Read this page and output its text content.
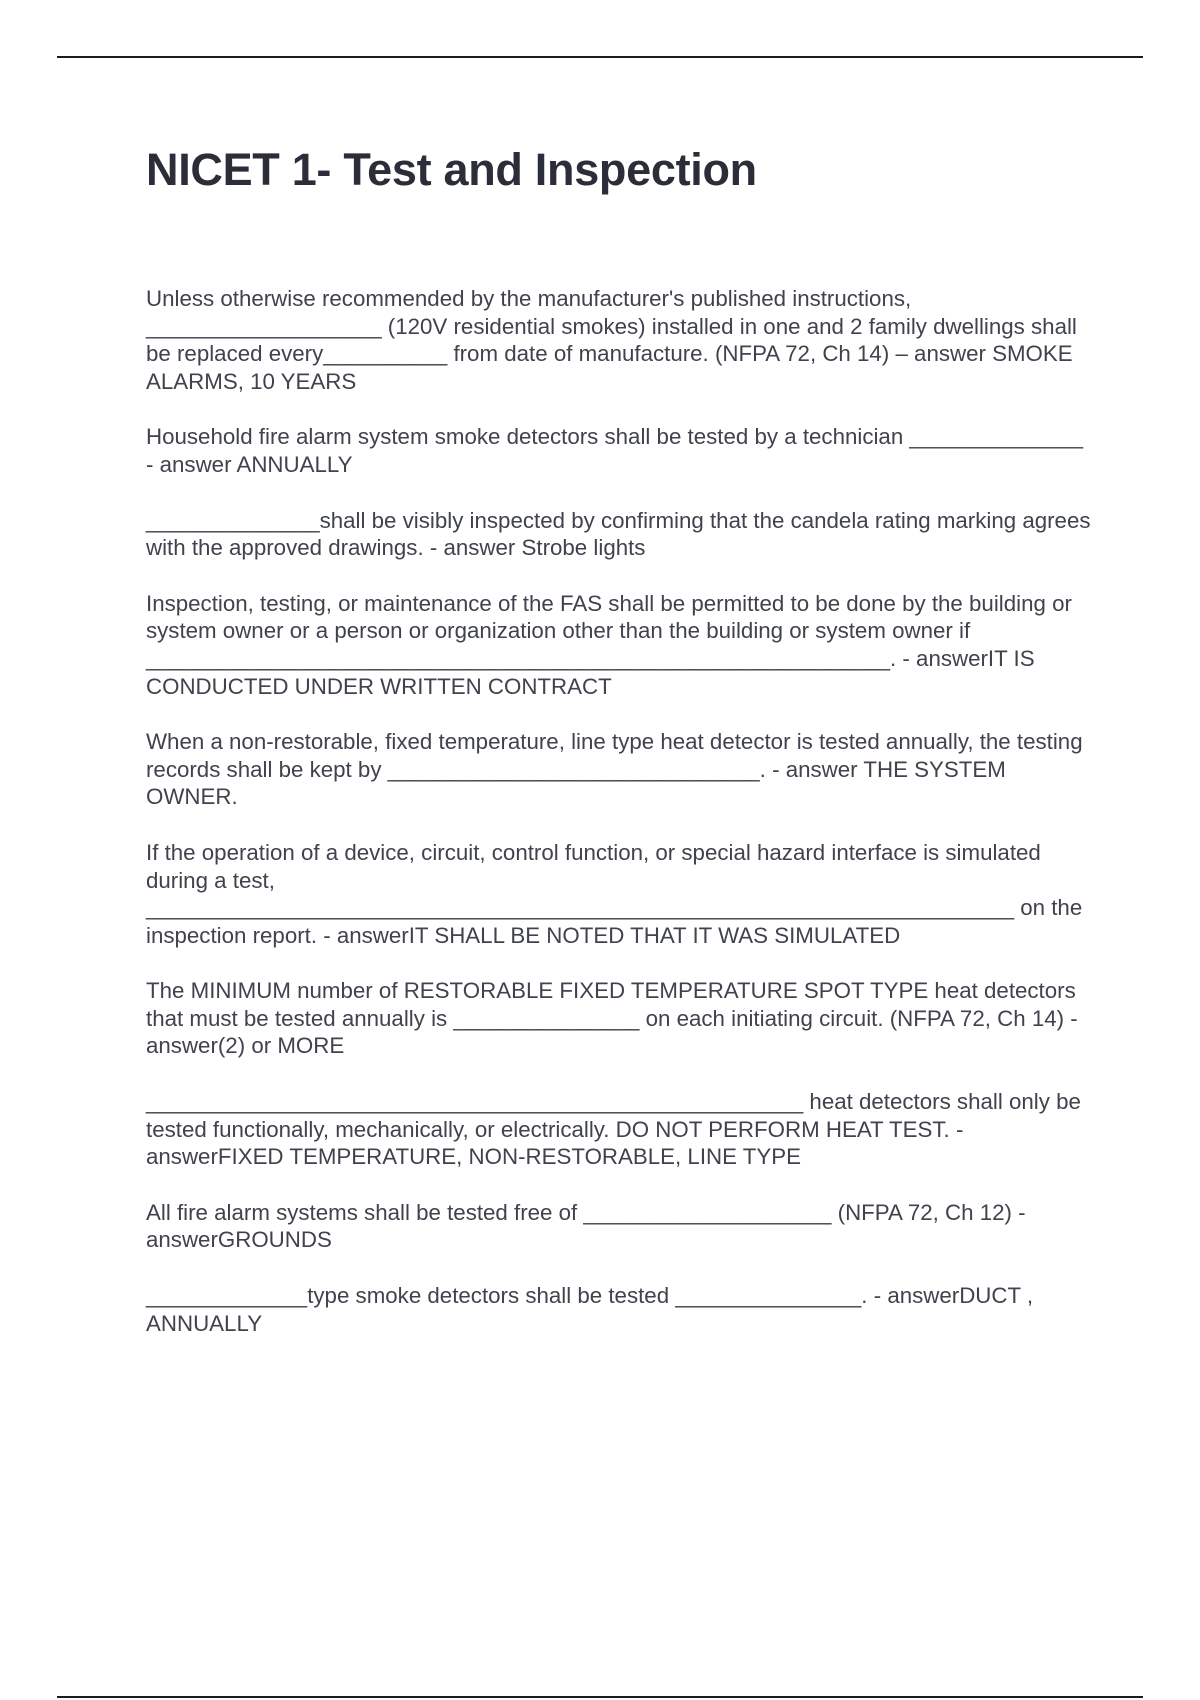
NICET 1- Test and Inspection

Unless otherwise recommended by the manufacturer's published instructions, ___________________ (120V residential smokes) installed in one and 2 family dwellings shall be replaced every__________ from date of manufacture. (NFPA 72, Ch 14) – answer SMOKE ALARMS, 10 YEARS

Household fire alarm system smoke detectors shall be tested by a technician ______________ - answer ANNUALLY

______________shall be visibly inspected by confirming that the candela rating marking agrees with the approved drawings. - answer Strobe lights

Inspection, testing, or maintenance of the FAS shall be permitted to be done by the building or system owner or a person or organization other than the building or system owner if ____________________________________________________________. - answerIT IS CONDUCTED UNDER WRITTEN CONTRACT

When a non-restorable, fixed temperature, line type heat detector is tested annually, the testing records shall be kept by ______________________________. - answer THE SYSTEM OWNER.

If the operation of a device, circuit, control function, or special hazard interface is simulated during a test, ______________________________________________________________________ on the inspection report. - answerIT SHALL BE NOTED THAT IT WAS SIMULATED

The MINIMUM number of RESTORABLE FIXED TEMPERATURE SPOT TYPE heat detectors that must be tested annually is _______________ on each initiating circuit. (NFPA 72, Ch 14) - answer(2) or MORE

_____________________________________________________ heat detectors shall only be tested functionally, mechanically, or electrically. DO NOT PERFORM HEAT TEST. - answerFIXED TEMPERATURE, NON-RESTORABLE, LINE TYPE

All fire alarm systems shall be tested free of ____________________ (NFPA 72, Ch 12) - answerGROUNDS

_____________type smoke detectors shall be tested _______________. - answerDUCT , ANNUALLY
